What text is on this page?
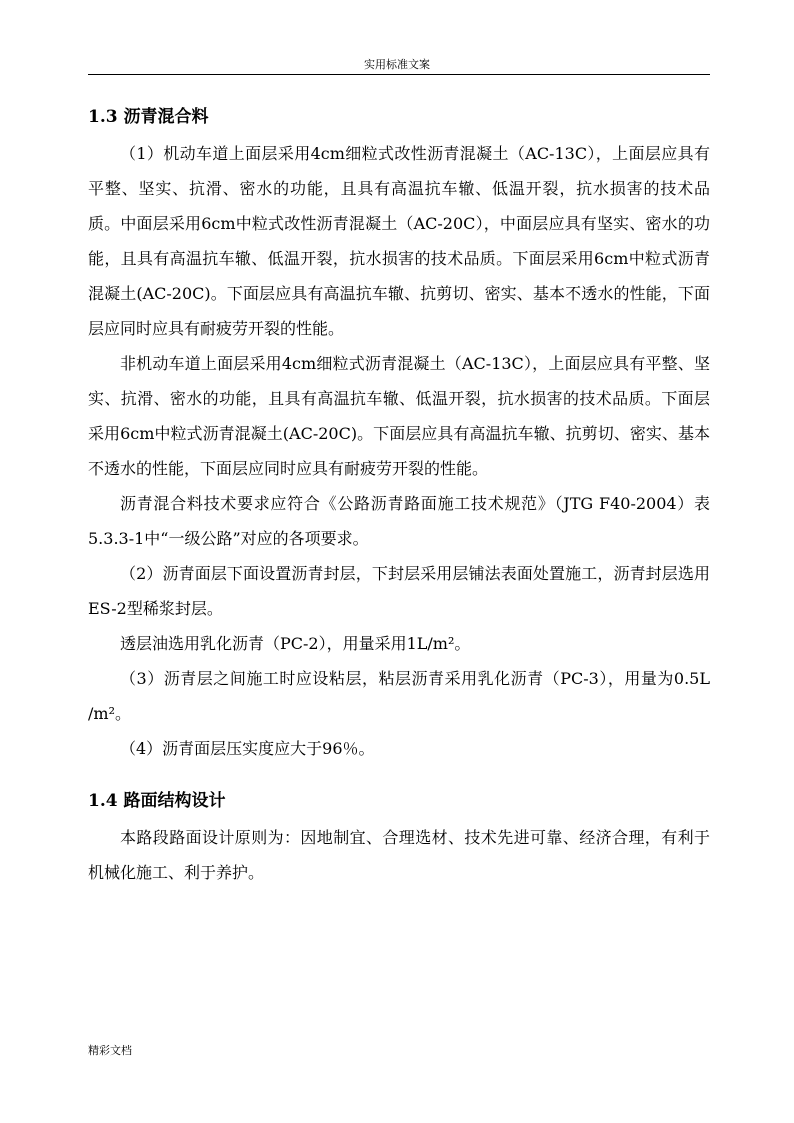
实用标准文案
1.3 沥青混合料

（1）机动车道上面层采用4cm细粒式改性沥青混凝土（AC-13C），上面层应具有平整、坚实、抗滑、密水的功能，且具有高温抗车辙、低温开裂，抗水损害的技术品质。中面层采用6cm中粒式改性沥青混凝土（AC-20C），中面层应具有坚实、密水的功能，且具有高温抗车辙、低温开裂，抗水损害的技术品质。下面层采用6cm中粒式沥青混凝土(AC-20C)。下面层应具有高温抗车辙、抗剪切、密实、基本不透水的性能，下面层应同时应具有耐疲劳开裂的性能。

非机动车道上面层采用4cm细粒式沥青混凝土（AC-13C），上面层应具有平整、坚实、抗滑、密水的功能，且具有高温抗车辙、低温开裂，抗水损害的技术品质。下面层采用6cm中粒式沥青混凝土(AC-20C)。下面层应具有高温抗车辙、抗剪切、密实、基本不透水的性能，下面层应同时应具有耐疲劳开裂的性能。

沥青混合料技术要求应符合《公路沥青路面施工技术规范》（JTG F40-2004）表5.3.3-1中“一级公路”对应的各项要求。

（2）沥青面层下面设置沥青封层，下封层采用层铺法表面处置施工，沥青封层选用ES-2型稀浆封层。

透层油选用乳化沥青（PC-2），用量采用1L/m²。

（3）沥青层之间施工时应设粘层，粘层沥青采用乳化沥青（PC-3），用量为0.5L /m²。

（4）沥青面层压实度应大于96％。

1.4 路面结构设计

本路段路面设计原则为：因地制宜、合理选材、技术先进可靠、经济合理，有利于机械化施工、利于养护。

精彩文档
